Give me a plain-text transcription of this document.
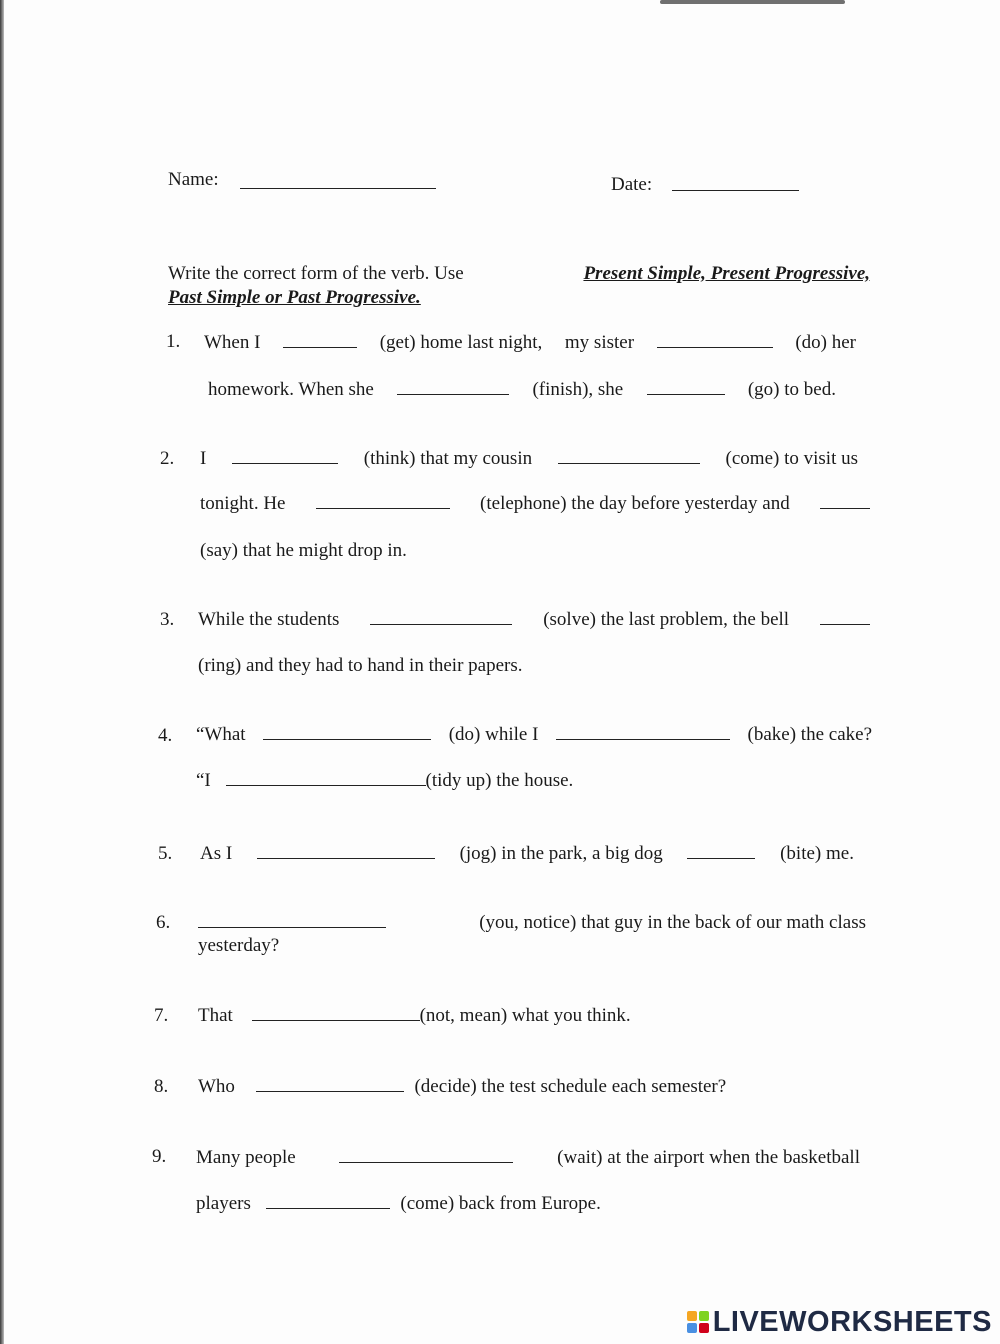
Name:	Date:
Write the correct form of the verb. Use	Present Simple, Present Progressive,
Past Simple or Past Progressive.
1. When I	(get) home last night, my sister	(do) her
homework. When she	(finish), she	(go) to bed.
2. I	(think) that my cousin	(come) to visit us
tonight. He	(telephone) the day before yesterday and
(say) that he might drop in.
3. While the students	(solve) the last problem, the bell
(ring) and they had to hand in their papers.
4. “What	(do) while I	(bake) the cake?
“I	(tidy up) the house.
5. As I	(jog) in the park, a big dog	(bite) me.
6.	(you, notice) that guy in the back of our math class
yesterday?
7. That	(not, mean) what you think.
8. Who	(decide) the test schedule each semester?
9. Many people	(wait) at the airport when the basketball
players	(come) back from Europe.
LIVEWORKSHEETS
